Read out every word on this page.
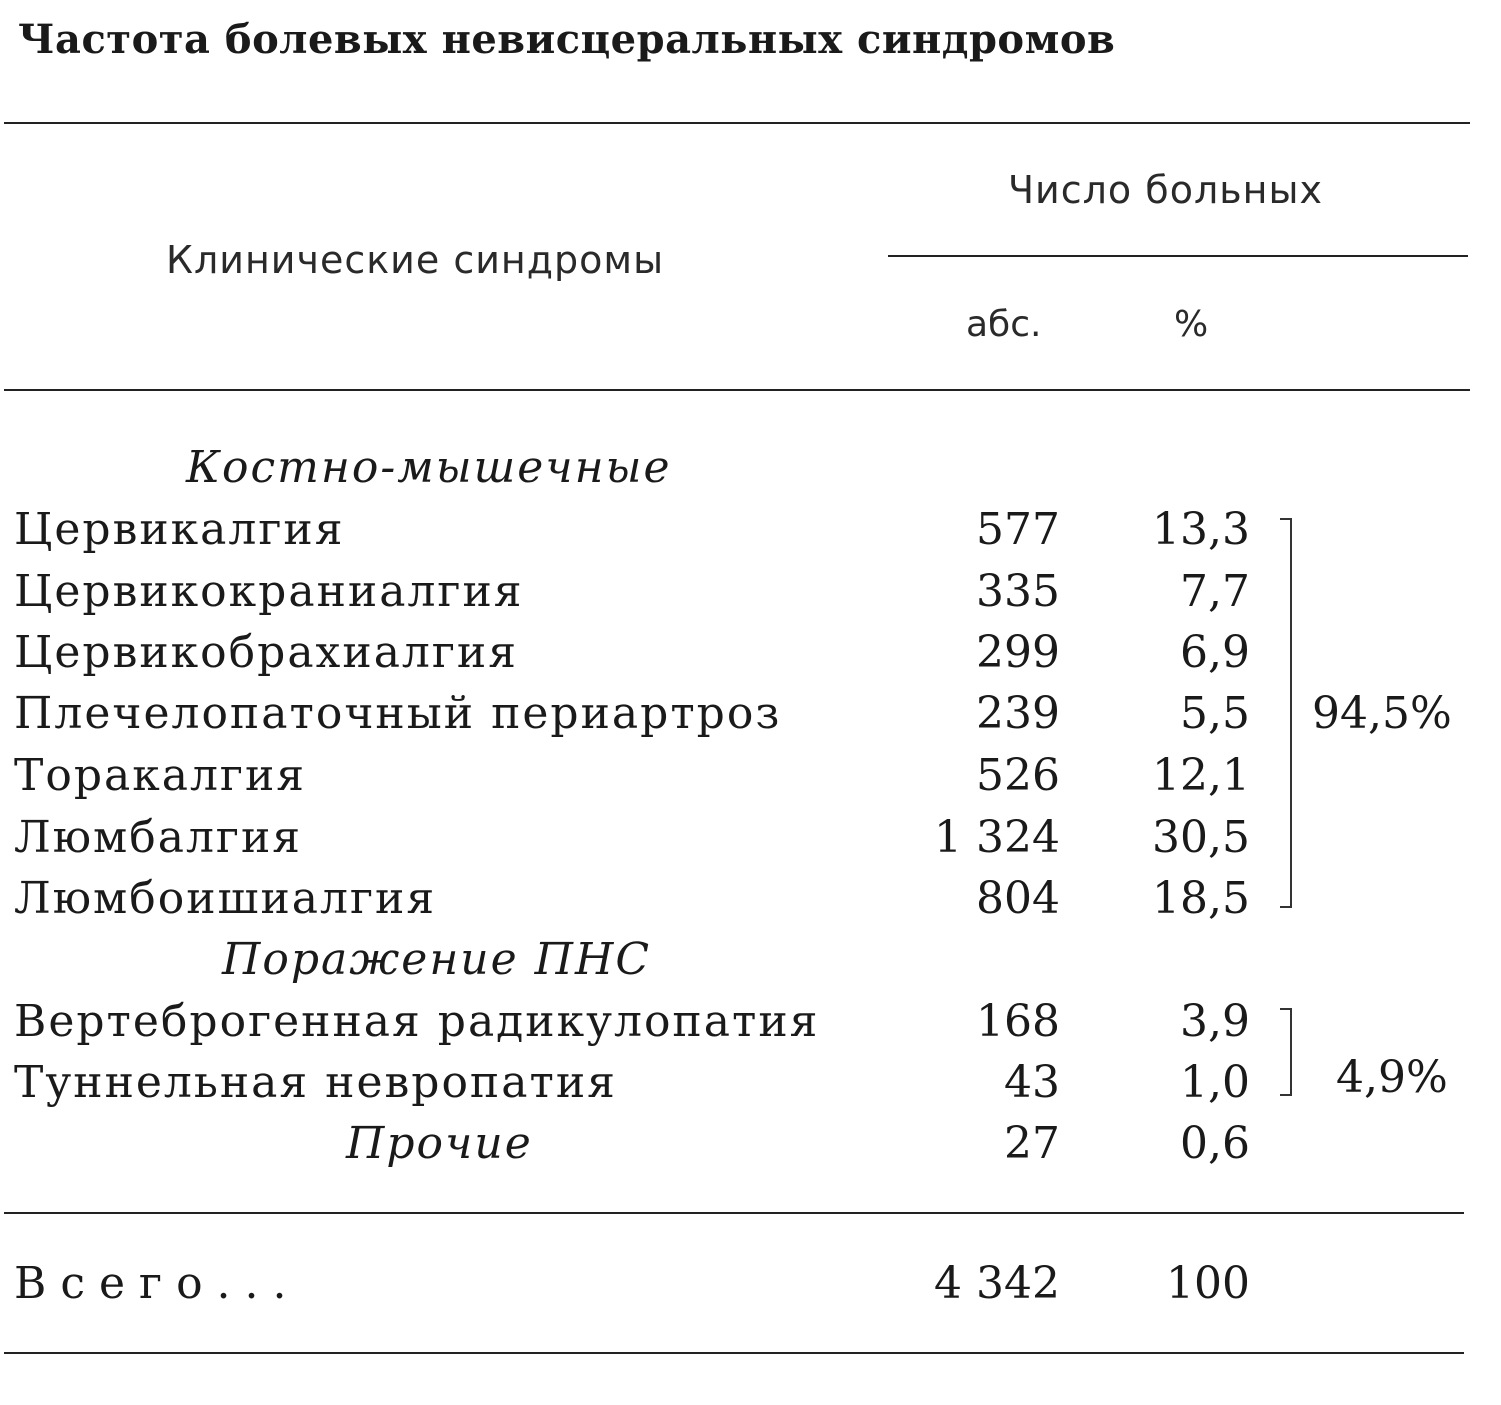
Частота болевых невисцеральных синдромов
Клинические синдромы
Число больных
абс.	%
Костно-мышечные
Цервикалгия	577	13,3
Цервикокраниалгия	335	7,7
Цервикобрахиалгия	299	6,9
Плечелопаточный периартроз	239	5,5
Торакалгия	526	12,1
Люмбалгия	1 324	30,5
Люмбоишиалгия	804	18,5
94,5%
Поражение ПНС
Вертеброгенная радикулопатия	168	3,9
Туннельная невропатия	43	1,0 4,9%
Прочие	27	0,6
Всего...	4 342	100
